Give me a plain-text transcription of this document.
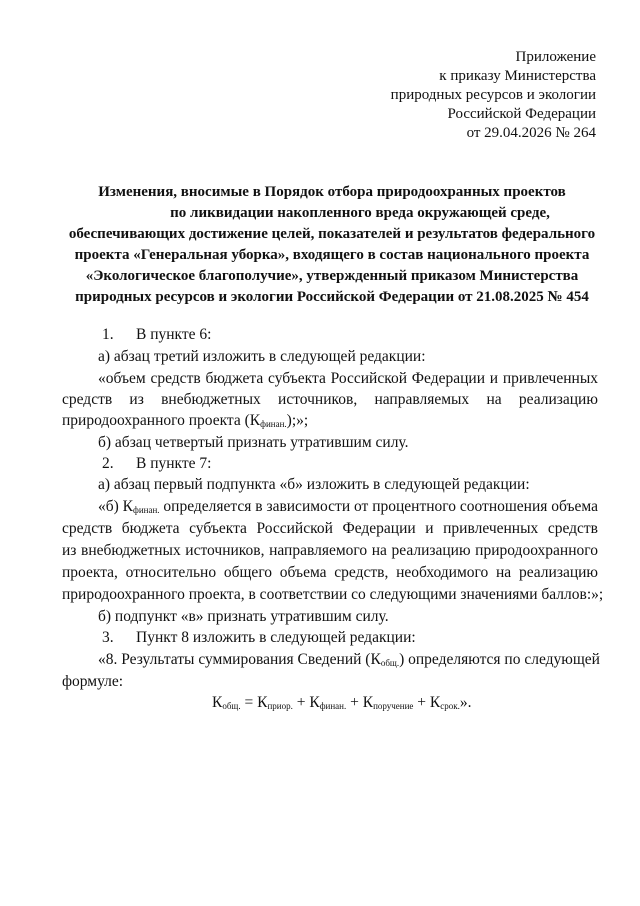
Приложение
к приказу Министерства
природных ресурсов и экологии
Российской Федерации
от 29.04.2026 № 264
Изменения, вносимые в Порядок отбора природоохранных проектов
по ликвидации накопленного вреда окружающей среде,
обеспечивающих достижение целей, показателей и результатов федерального
проекта «Генеральная уборка», входящего в состав национального проекта
«Экологическое благополучие», утвержденный приказом Министерства
природных ресурсов и экологии Российской Федерации от 21.08.2025 № 454
1. В пункте 6:
а) абзац третий изложить в следующей редакции:
«объем средств бюджета субъекта Российской Федерации и привлеченных
средств из внебюджетных источников, направляемых на реализацию
природоохранного проекта $(К_{финан.})$;»;
б) абзац четвертый признать утратившим силу.
2. В пункте 7:
а) абзац первый подпункта «б» изложить в следующей редакции:
«б) $К_{финан.}$ определяется в зависимости от процентного соотношения объема
средств бюджета субъекта Российской Федерации и привлеченных средств
из внебюджетных источников, направляемого на реализацию природоохранного
проекта, относительно общего объема средств, необходимого на реализацию
природоохранного проекта, в соответствии со следующими значениями баллов:»;
б) подпункт «в» признать утратившим силу.
3. Пункт 8 изложить в следующей редакции:
«8. Результаты суммирования Сведений $(К_{общ.})$ определяются по следующей
формуле:
$К_{общ.} = К_{приор.} + К_{финан.} + К_{поручение} + К_{срок.}$».
